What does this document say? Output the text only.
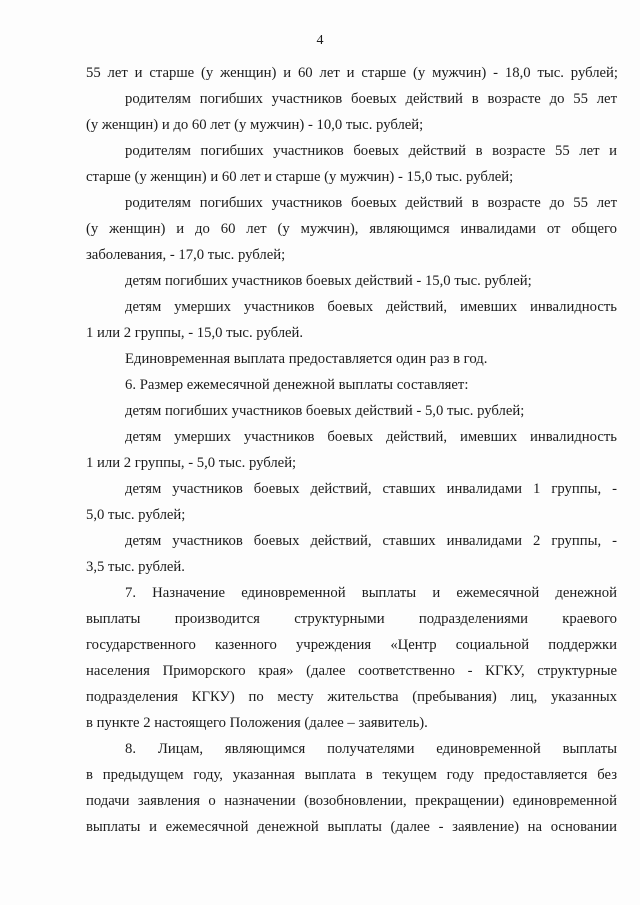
4
55 лет и старше (у женщин) и 60 лет и старше (у мужчин) - 18,0 тыс. рублей;
родителям погибших участников боевых действий в возрасте до 55 лет
(у женщин) и до 60 лет (у мужчин) - 10,0 тыс. рублей;
родителям погибших участников боевых действий в возрасте 55 лет и
старше (у женщин) и 60 лет и старше (у мужчин) - 15,0 тыс. рублей;
родителям погибших участников боевых действий в возрасте до 55 лет
(у женщин) и до 60 лет (у мужчин), являющимся инвалидами от общего
заболевания, - 17,0 тыс. рублей;
детям погибших участников боевых действий - 15,0 тыс. рублей;
детям умерших участников боевых действий, имевших инвалидность
1 или 2 группы, - 15,0 тыс. рублей.
Единовременная выплата предоставляется один раз в год.
6. Размер ежемесячной денежной выплаты составляет:
детям погибших участников боевых действий - 5,0 тыс. рублей;
детям умерших участников боевых действий, имевших инвалидность
1 или 2 группы, - 5,0 тыс. рублей;
детям участников боевых действий, ставших инвалидами 1 группы, -
5,0 тыс. рублей;
детям участников боевых действий, ставших инвалидами 2 группы, -
3,5 тыс. рублей.
7. Назначение единовременной выплаты и ежемесячной денежной
выплаты производится структурными подразделениями краевого
государственного казенного учреждения «Центр социальной поддержки
населения Приморского края» (далее соответственно - КГКУ, структурные
подразделения КГКУ) по месту жительства (пребывания) лиц, указанных
в пункте 2 настоящего Положения (далее – заявитель).
8. Лицам, являющимся получателями единовременной выплаты
в предыдущем году, указанная выплата в текущем году предоставляется без
подачи заявления о назначении (возобновлении, прекращении) единовременной
выплаты и ежемесячной денежной выплаты (далее - заявление) на основании
